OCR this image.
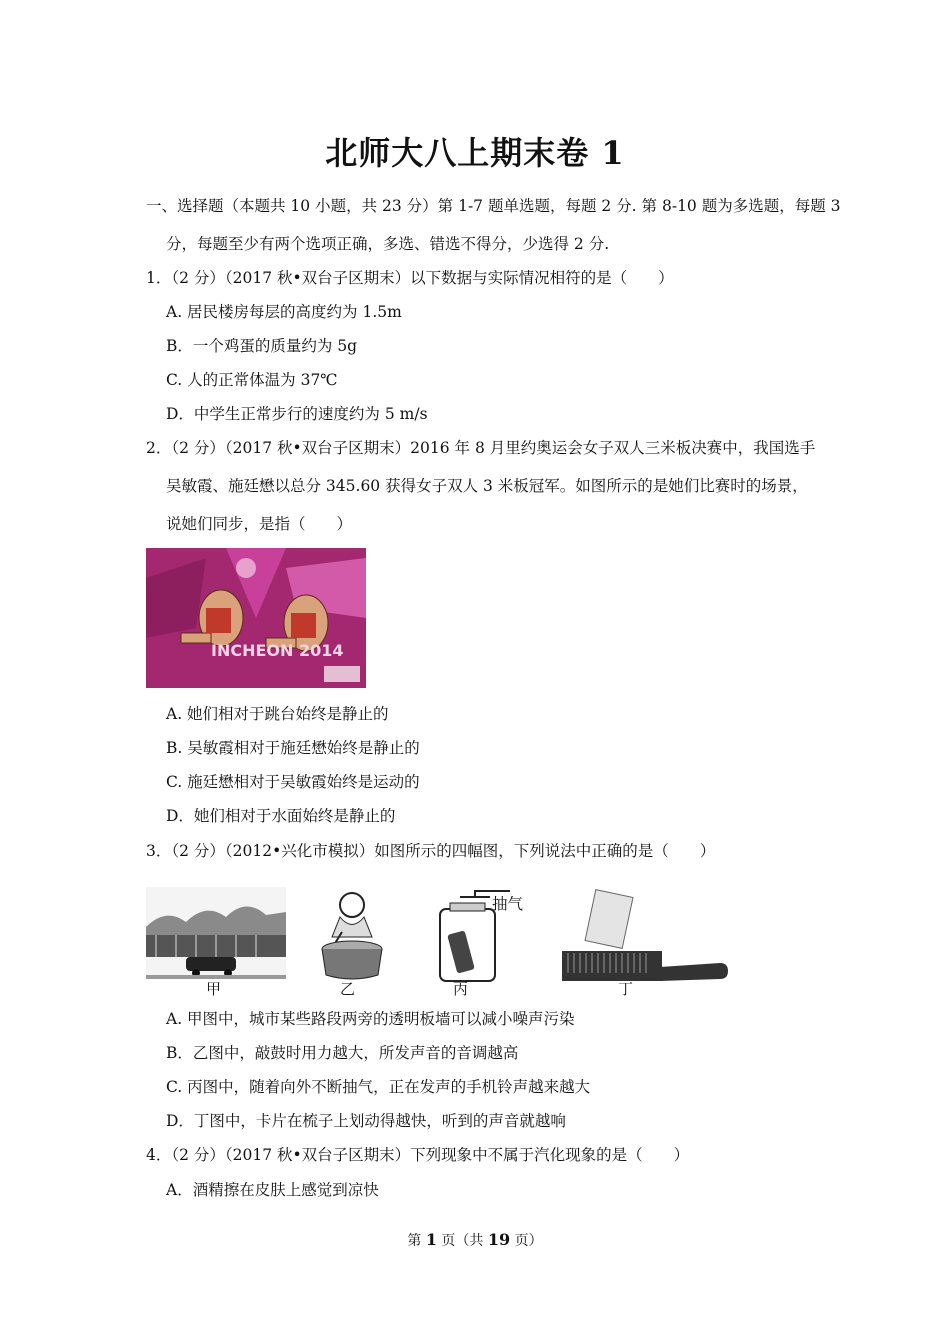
北师大八上期末卷 1
一、选择题（本题共 10 小题，共 23 分）第 1-7 题单选题，每题 2 分. 第 8-10 题为多选题，每题 3
分，每题至少有两个选项正确，多选、错选不得分，少选得 2 分.
1．（2 分）（2017 秋•双台子区期末）以下数据与实际情况相符的是（　　）
A. 居民楼房每层的高度约为 1.5m
B．一个鸡蛋的质量约为 5g
C. 人的正常体温为 37℃
D．中学生正常步行的速度约为 5 m/s
2．（2 分）（2017 秋•双台子区期末）2016 年 8 月里约奥运会女子双人三米板决赛中，我国选手
吴敏霞、施廷懋以总分 345.60 获得女子双人 3 米板冠军。如图所示的是她们比赛时的场景，
说她们同步，是指（　　）
INCHEON 2014
A. 她们相对于跳台始终是静止的
B. 吴敏霞相对于施廷懋始终是静止的
C. 施廷懋相对于吴敏霞始终是运动的
D．她们相对于水面始终是静止的
3．（2 分）（2012•兴化市模拟）如图所示的四幅图，下列说法中正确的是（　　）
甲	乙
抽气
丙	丁
A. 甲图中，城市某些路段两旁的透明板墙可以减小噪声污染
B．乙图中，敲鼓时用力越大，所发声音的音调越高
C. 丙图中，随着向外不断抽气，正在发声的手机铃声越来越大
D．丁图中，卡片在梳子上划动得越快，听到的声音就越响
4．（2 分）（2017 秋•双台子区期末）下列现象中不属于汽化现象的是（　　）
A．酒精擦在皮肤上感觉到凉快
第 1 页（共 19 页）
